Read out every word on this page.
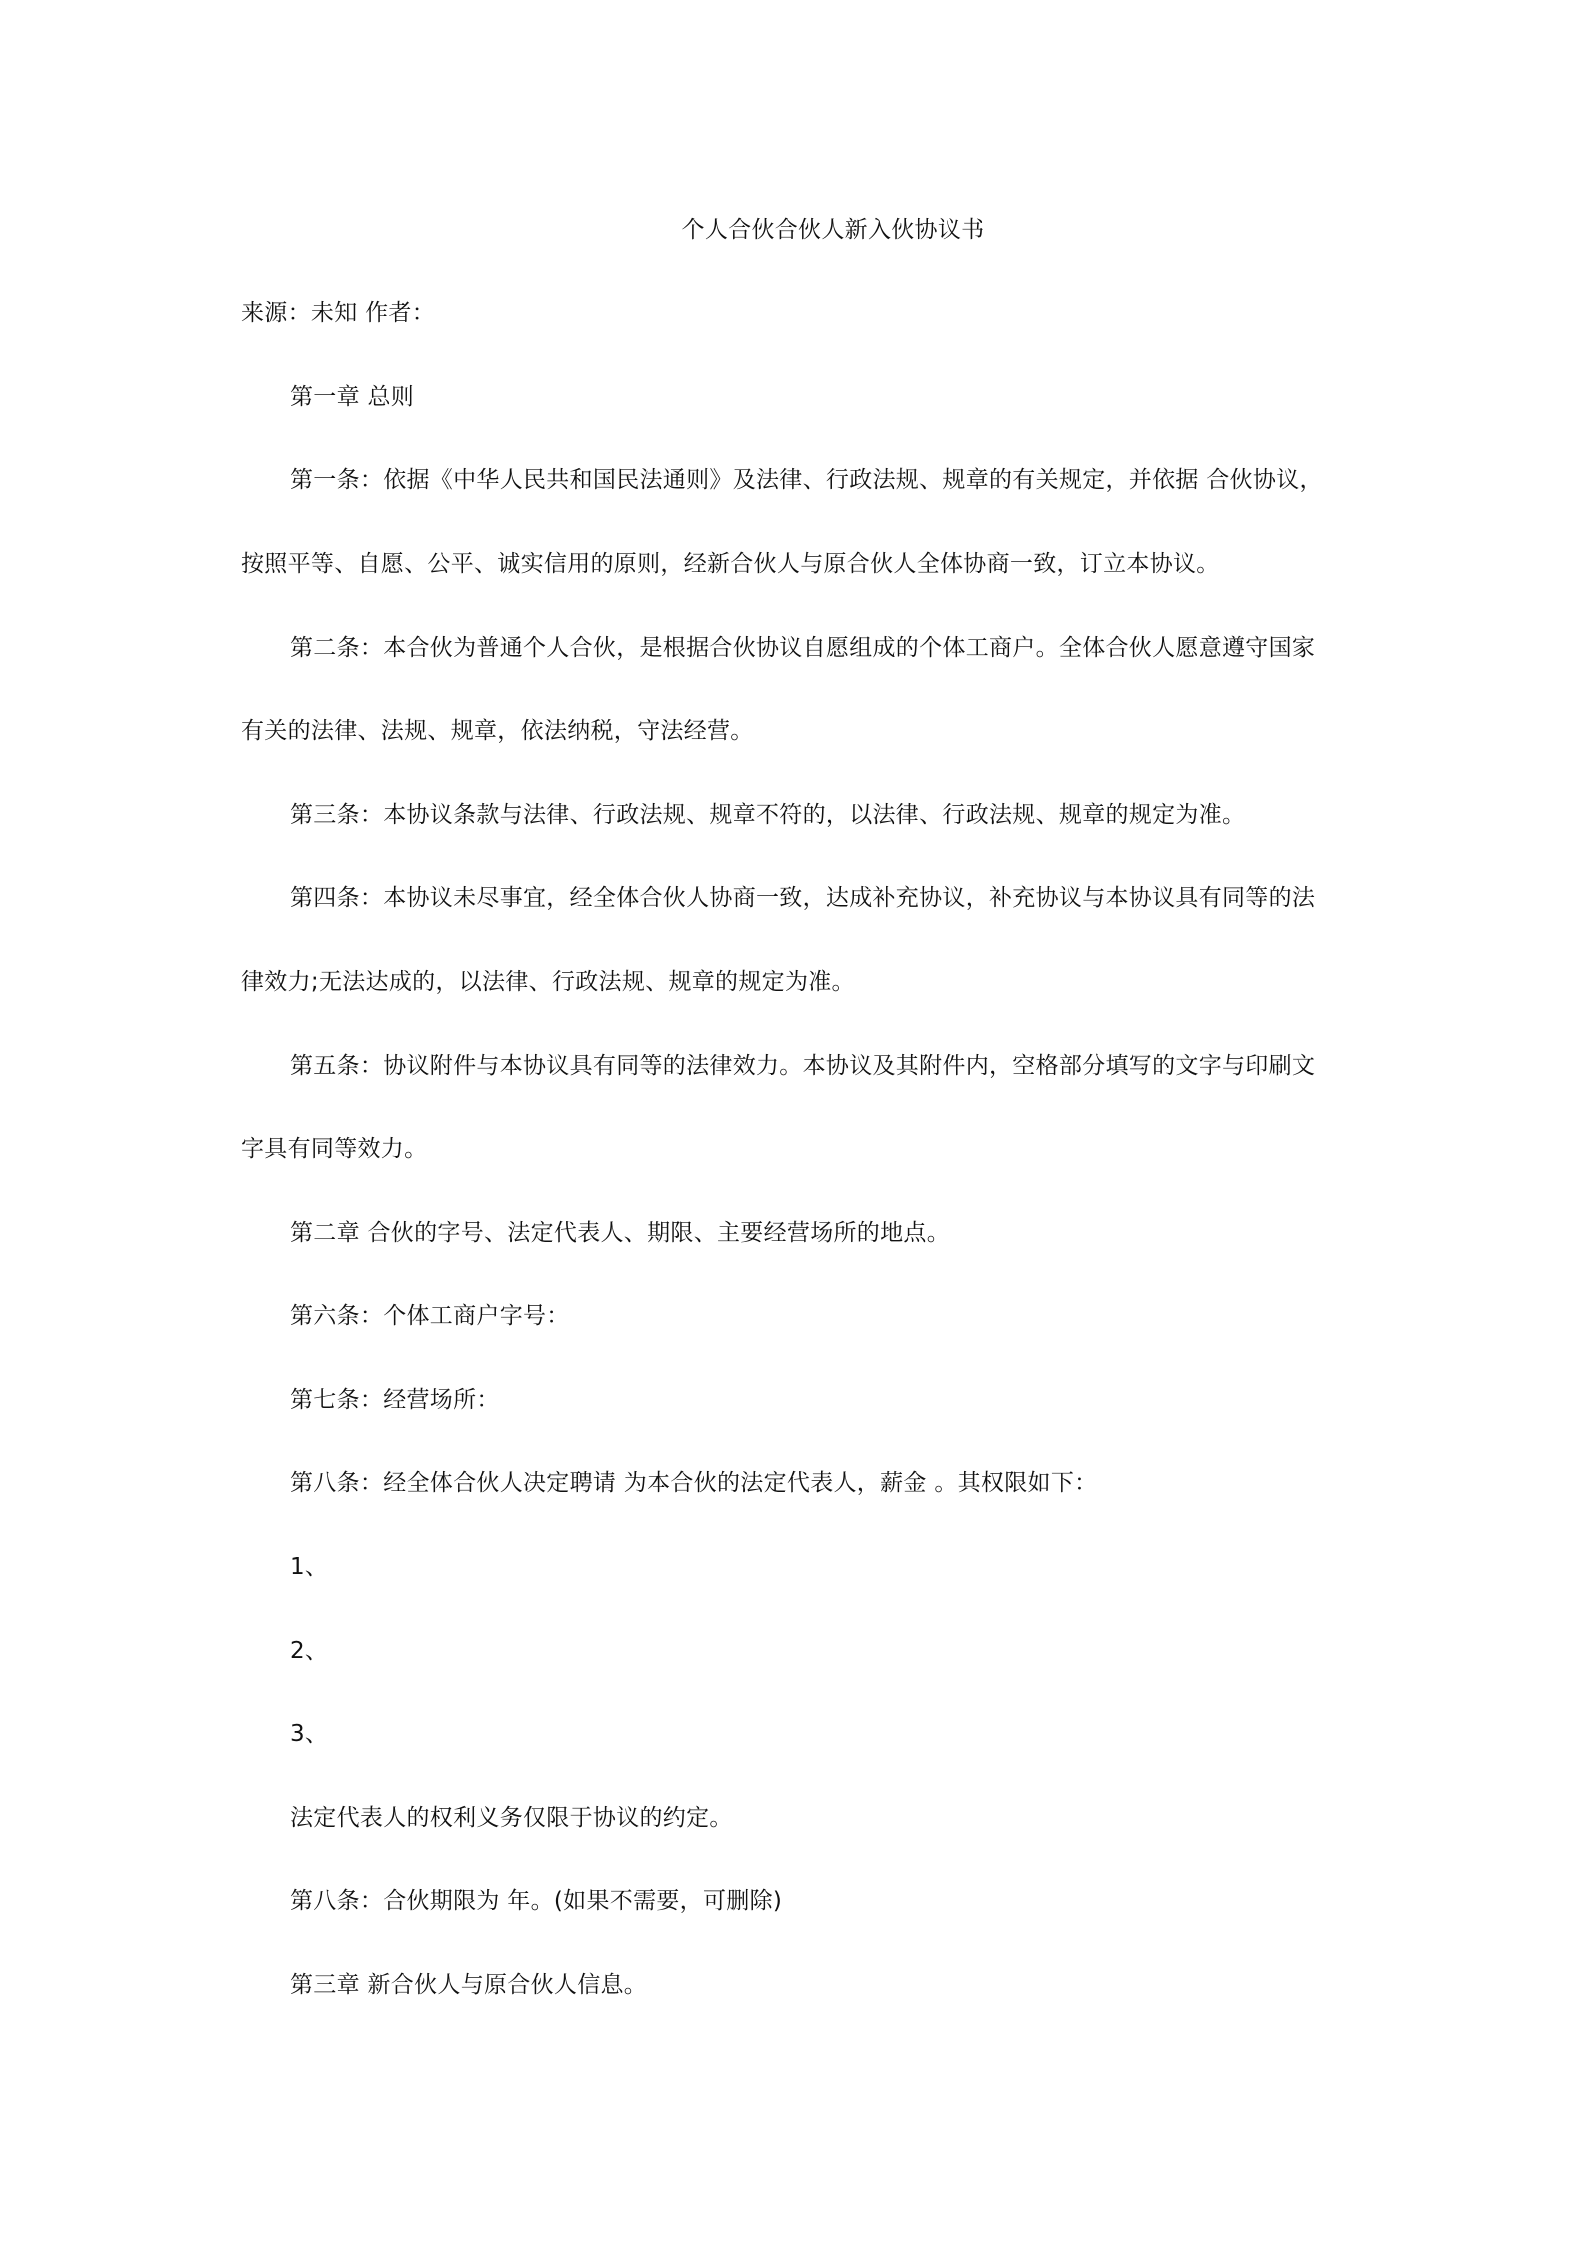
个人合伙合伙人新入伙协议书
来源：未知 作者：
第一章 总则
第一条：依据《中华人民共和国民法通则》及法律、行政法规、规章的有关规定，并依据 合伙协议，
按照平等、自愿、公平、诚实信用的原则，经新合伙人与原合伙人全体协商一致，订立本协议。
第二条：本合伙为普通个人合伙，是根据合伙协议自愿组成的个体工商户。全体合伙人愿意遵守国家
有关的法律、法规、规章，依法纳税，守法经营。
第三条：本协议条款与法律、行政法规、规章不符的，以法律、行政法规、规章的规定为准。
第四条：本协议未尽事宜，经全体合伙人协商一致，达成补充协议，补充协议与本协议具有同等的法
律效力;无法达成的，以法律、行政法规、规章的规定为准。
第五条：协议附件与本协议具有同等的法律效力。本协议及其附件内，空格部分填写的文字与印刷文
字具有同等效力。
第二章 合伙的字号、法定代表人、期限、主要经营场所的地点。
第六条：个体工商户字号：
第七条：经营场所：
第八条：经全体合伙人决定聘请 为本合伙的法定代表人，薪金 。其权限如下：
1、
2、
3、
法定代表人的权利义务仅限于协议的约定。
第八条：合伙期限为 年。(如果不需要，可删除)
第三章 新合伙人与原合伙人信息。
